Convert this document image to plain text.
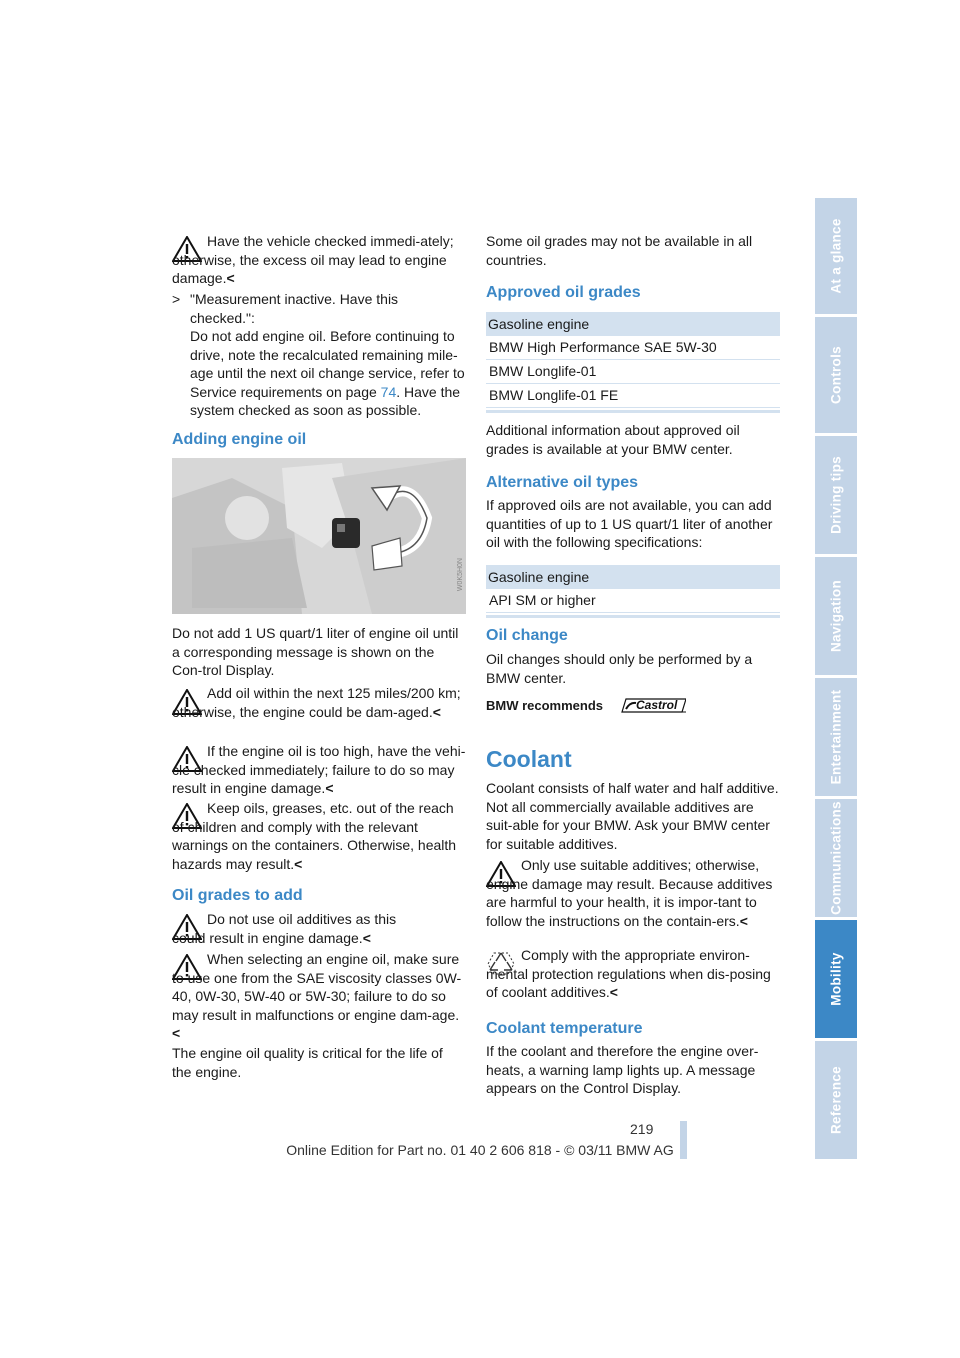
Have the vehicle checked immedi-ately; otherwise, the excess oil may lead to engine damage.<

> "Measurement inactive. Have this checked.":

Do not add engine oil. Before continuing to drive, note the recalculated remaining mile-age until the next oil change service, refer to Service requirements on page 74. Have the system checked as soon as possible.

Adding engine oil
W0K5H0N

Do not add 1 US quart/1 liter of engine oil until a corresponding message is shown on the Con-trol Display.

Add oil within the next 125 miles/200 km; otherwise, the engine could be dam-aged.<

If the engine oil is too high, have the vehi-cle checked immediately; failure to do so may result in engine damage.<

Keep oils, greases, etc. out of the reach of children and comply with the relevant warnings on the containers. Otherwise, health hazards may result.<

Oil grades to add

Do not use oil additives as this could result in engine damage.<

When selecting an engine oil, make sure to use one from the SAE viscosity classes 0W-40, 0W-30, 5W-40 or 5W-30; failure to do so may result in malfunctions or engine dam-age.<

The engine oil quality is critical for the life of the engine.

Some oil grades may not be available in all countries.

Approved oil grades
Gasoline engine
BMW High Performance SAE 5W-30
BMW Longlife-01
BMW Longlife-01 FE

Additional information about approved oil grades is available at your BMW center.

Alternative oil types

If approved oils are not available, you can add quantities of up to 1 US quart/1 liter of another oil with the following specifications:

Gasoline engine
API SM or higher
Oil change

Oil changes should only be performed by a BMW center.

BMW recommends	Castrol
Coolant

Coolant consists of half water and half additive. Not all commercially available additives are suit-able for your BMW. Ask your BMW center for suitable additives.

Only use suitable additives; otherwise, engine damage may result. Because additives are harmful to your health, it is impor-tant to follow the instructions on the contain-ers.<

Comply with the appropriate environ-mental protection regulations when dis-posing of coolant additives.<

Coolant temperature

If the coolant and therefore the engine over-heats, a warning lamp lights up. A message appears on the Control Display.

At a glance
Controls
Driving tips
Navigation
Entertainment
Communications
Mobility
Reference
219
Online Edition for Part no. 01 40 2 606 818 - © 03/11 BMW AG
